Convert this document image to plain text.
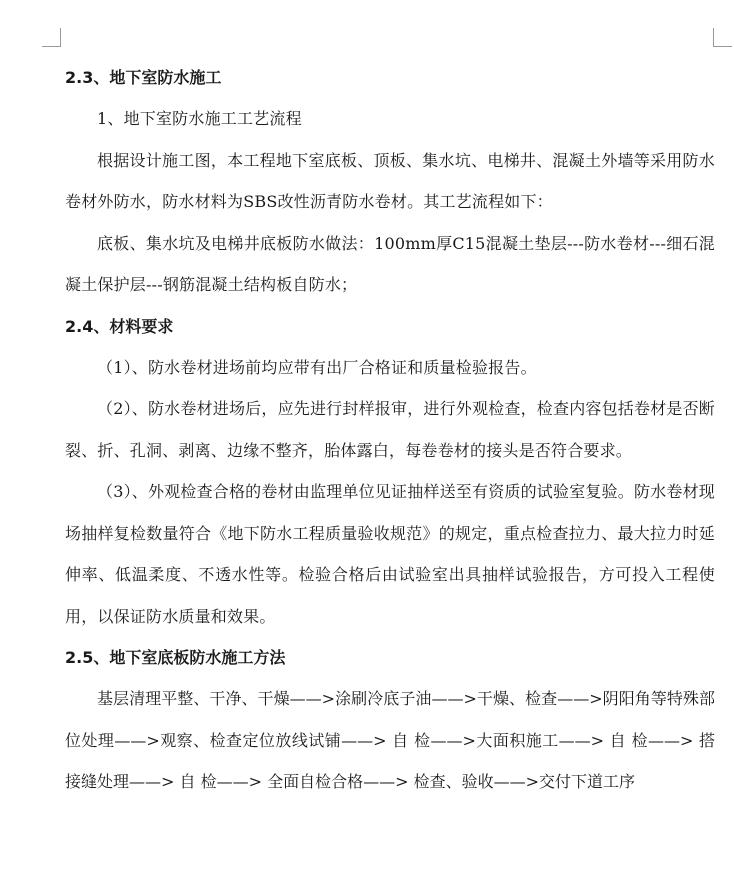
2.3、地下室防水施工

1、地下室防水施工工艺流程

根据设计施工图，本工程地下室底板、顶板、集水坑、电梯井、混凝土外墙等采用防水卷材外防水，防水材料为SBS改性沥青防水卷材。其工艺流程如下：

底板、集水坑及电梯井底板防水做法：100mm厚C15混凝土垫层---防水卷材---细石混凝土保护层---钢筋混凝土结构板自防水；

2.4、材料要求

（1）、防水卷材进场前均应带有出厂合格证和质量检验报告。

（2）、防水卷材进场后，应先进行封样报审，进行外观检查，检查内容包括卷材是否断裂、折、孔洞、剥离、边缘不整齐，胎体露白，每卷卷材的接头是否符合要求。

（3）、外观检查合格的卷材由监理单位见证抽样送至有资质的试验室复验。防水卷材现场抽样复检数量符合《地下防水工程质量验收规范》的规定，重点检查拉力、最大拉力时延伸率、低温柔度、不透水性等。检验合格后由试验室出具抽样试验报告，方可投入工程使用，以保证防水质量和效果。

2.5、地下室底板防水施工方法

基层清理平整、干净、干燥——>涂刷冷底子油——>干燥、检查——>阴阳角等特殊部位处理——>观察、检查定位放线试铺——> 自 检——>大面积施工——> 自 检——> 搭接缝处理——> 自 检——> 全面自检合格——> 检查、验收——>交付下道工序
